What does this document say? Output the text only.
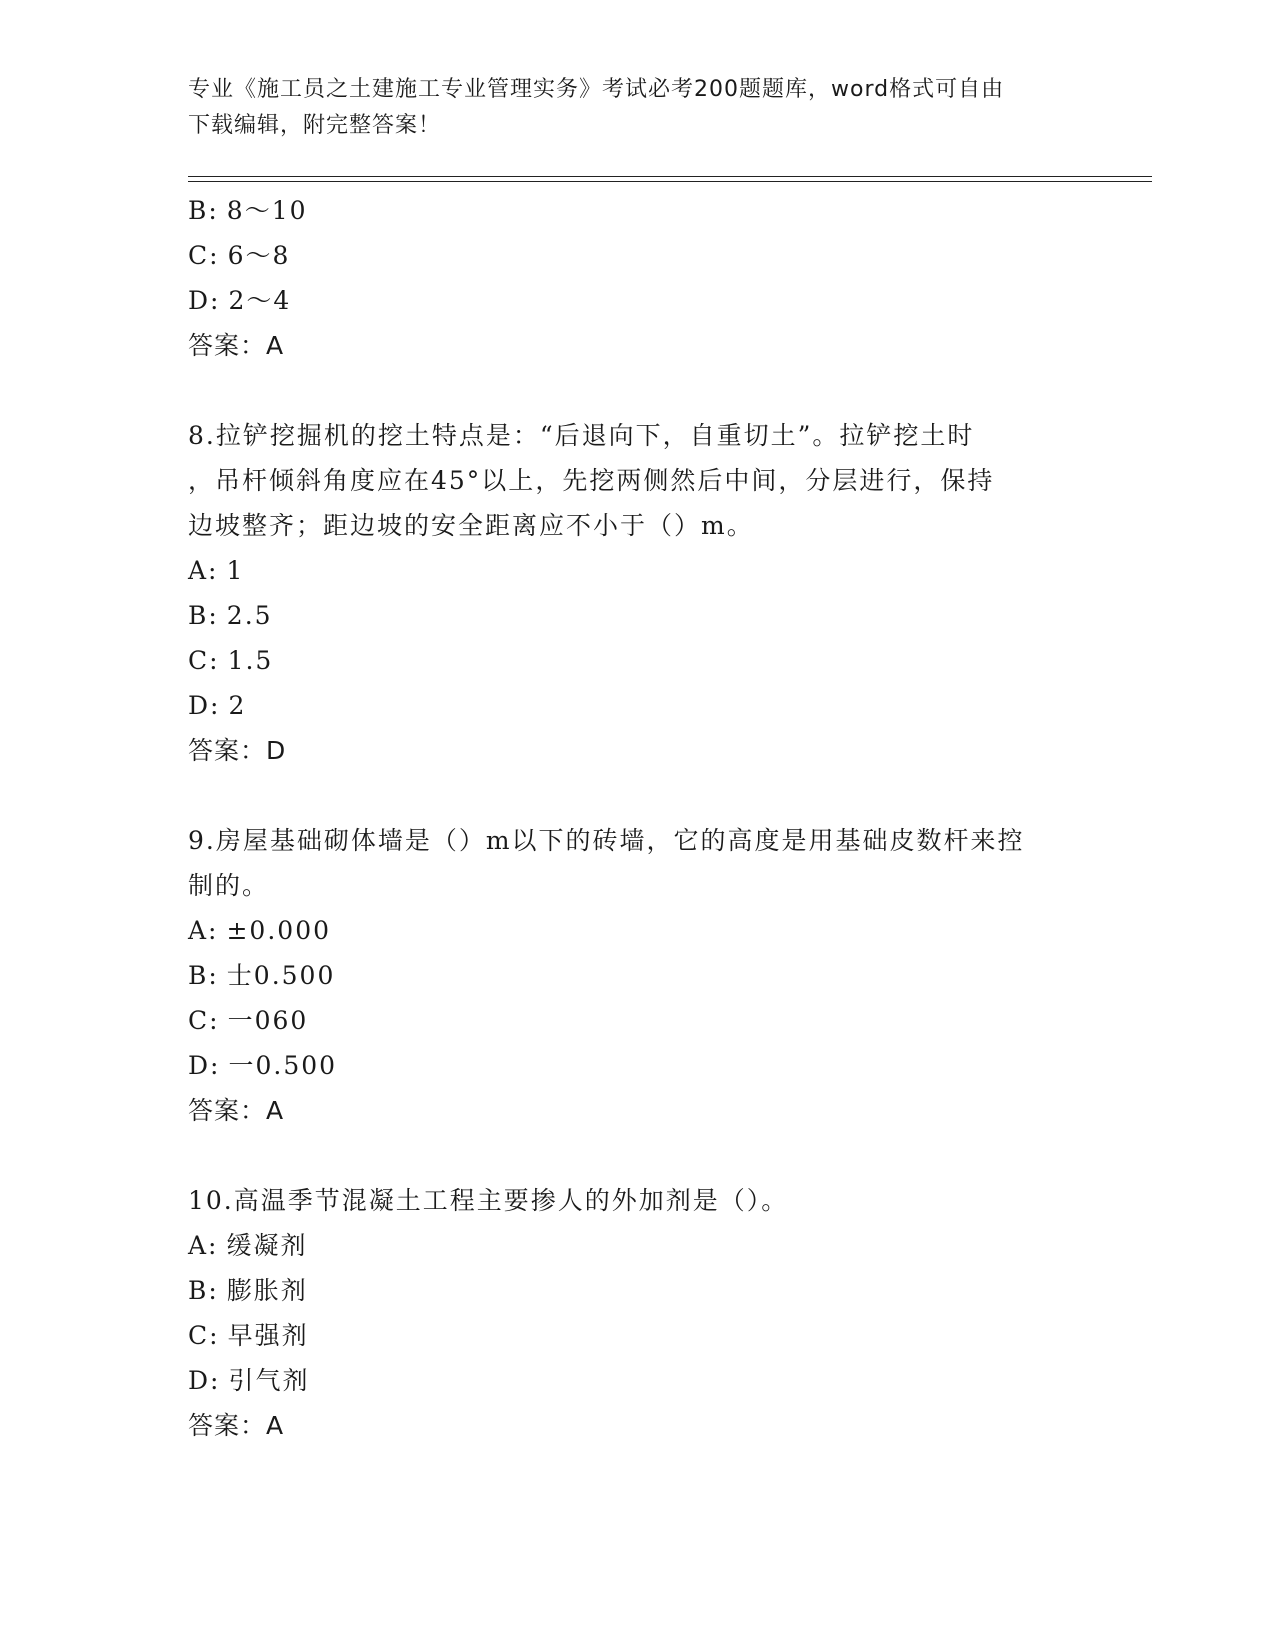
专业《施工员之土建施工专业管理实务》考试必考200题题库，word格式可自由
下载编辑，附完整答案！
B: 8～10
C: 6～8
D: 2～4
答案：A
8.拉铲挖掘机的挖土特点是：“后退向下，自重切土”。拉铲挖土时
，吊杆倾斜角度应在45°以上，先挖两侧然后中间，分层进行，保持
边坡整齐；距边坡的安全距离应不小于（）m。
A: 1
B: 2.5
C: 1.5
D: 2
答案：D
9.房屋基础砌体墙是（）m以下的砖墙，它的高度是用基础皮数杆来控
制的。
A: ±0.000
B: 士0.500
C: 一060
D: 一0.500
答案：A
10.高温季节混凝土工程主要掺人的外加剂是（）。
A: 缓凝剂
B: 膨胀剂
C: 早强剂
D: 引气剂
答案：A
